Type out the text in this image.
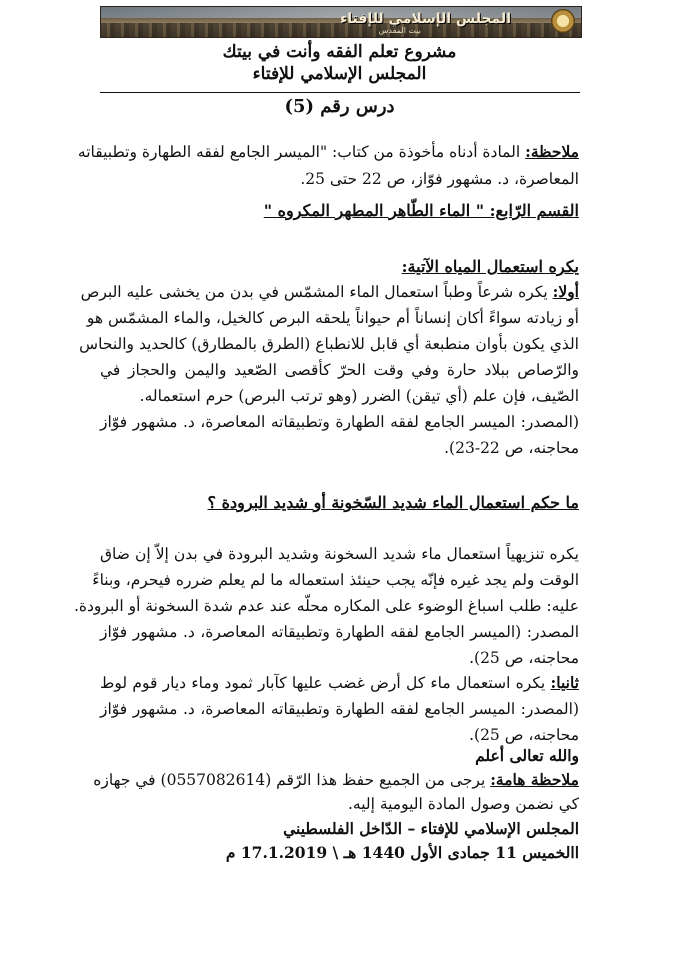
المجلس الإسلامي للإفتاء
بيت المقدس
مشروع تعلم الفقه وأنت في بيتك
المجلس الإسلامي للإفتاء
درس رقم (5)
ملاحظة: المادة أدناه مأخوذة من كتاب: "الميسر الجامع لفقه الطهارة وتطبيقاته
المعاصرة، د. مشهور فوّاز، ص 22 حتى 25.
القسم الرّابع: " الماء الطّاهر المطهر المكروه "
يكره استعمال المياه الآتية:
أولا: يكره شرعاً وطباً استعمال الماء المشمّس في بدن من يخشى عليه البرص
أو زيادته سواءً أكان إنساناً أم حيواناً يلحقه البرص كالخيل، والماء المشمّس هو
الذي يكون بأوان منطبعة أي قابل للانطباع (الطرق بالمطارق) كالحديد والنحاس
والرّصاص ببلاد حارة وفي وقت الحرّ كأقصى الصّعيد واليمن والحجاز في
الصّيف، فإن علم (أي تيقن) الضرر (وهو ترتب البرص) حرم استعماله.
(المصدر: الميسر الجامع لفقه الطهارة وتطبيقاته المعاصرة، د. مشهور فوّاز
محاجنه، ص 22-23).
ما حكم استعمال الماء شديد السّخونة أو شديد البرودة ؟
يكره تنزيهياً استعمال ماء شديد السخونة وشديد البرودة في بدن إلاّ إن ضاق
الوقت ولم يجد غيره فإنّه يجب حينئذ استعماله ما لم يعلم ضرره فيحرم، وبناءً
عليه: طلب اسباغ الوضوء على المكاره محلّه عند عدم شدة السخونة أو البرودة.
المصدر: (الميسر الجامع لفقه الطهارة وتطبيقاته المعاصرة، د. مشهور فوّاز
محاجنه، ص 25).
ثانيا: يكره استعمال ماء كل أرض غضب عليها كآبار ثمود وماء ديار قوم لوط
(المصدر: الميسر الجامع لفقه الطهارة وتطبيقاته المعاصرة، د. مشهور فوّاز
محاجنه، ص 25).
والله تعالى أعلم
ملاحظة هامة: يرجى من الجميع حفظ هذا الرّقم (0557082614) في جهازه
كي نضمن وصول المادة اليومية إليه.
المجلس الإسلامي للإفتاء – الدّاخل الفلسطيني
االخميس 11 جمادى الأول 1440 هـ \ 17.1.2019 م
